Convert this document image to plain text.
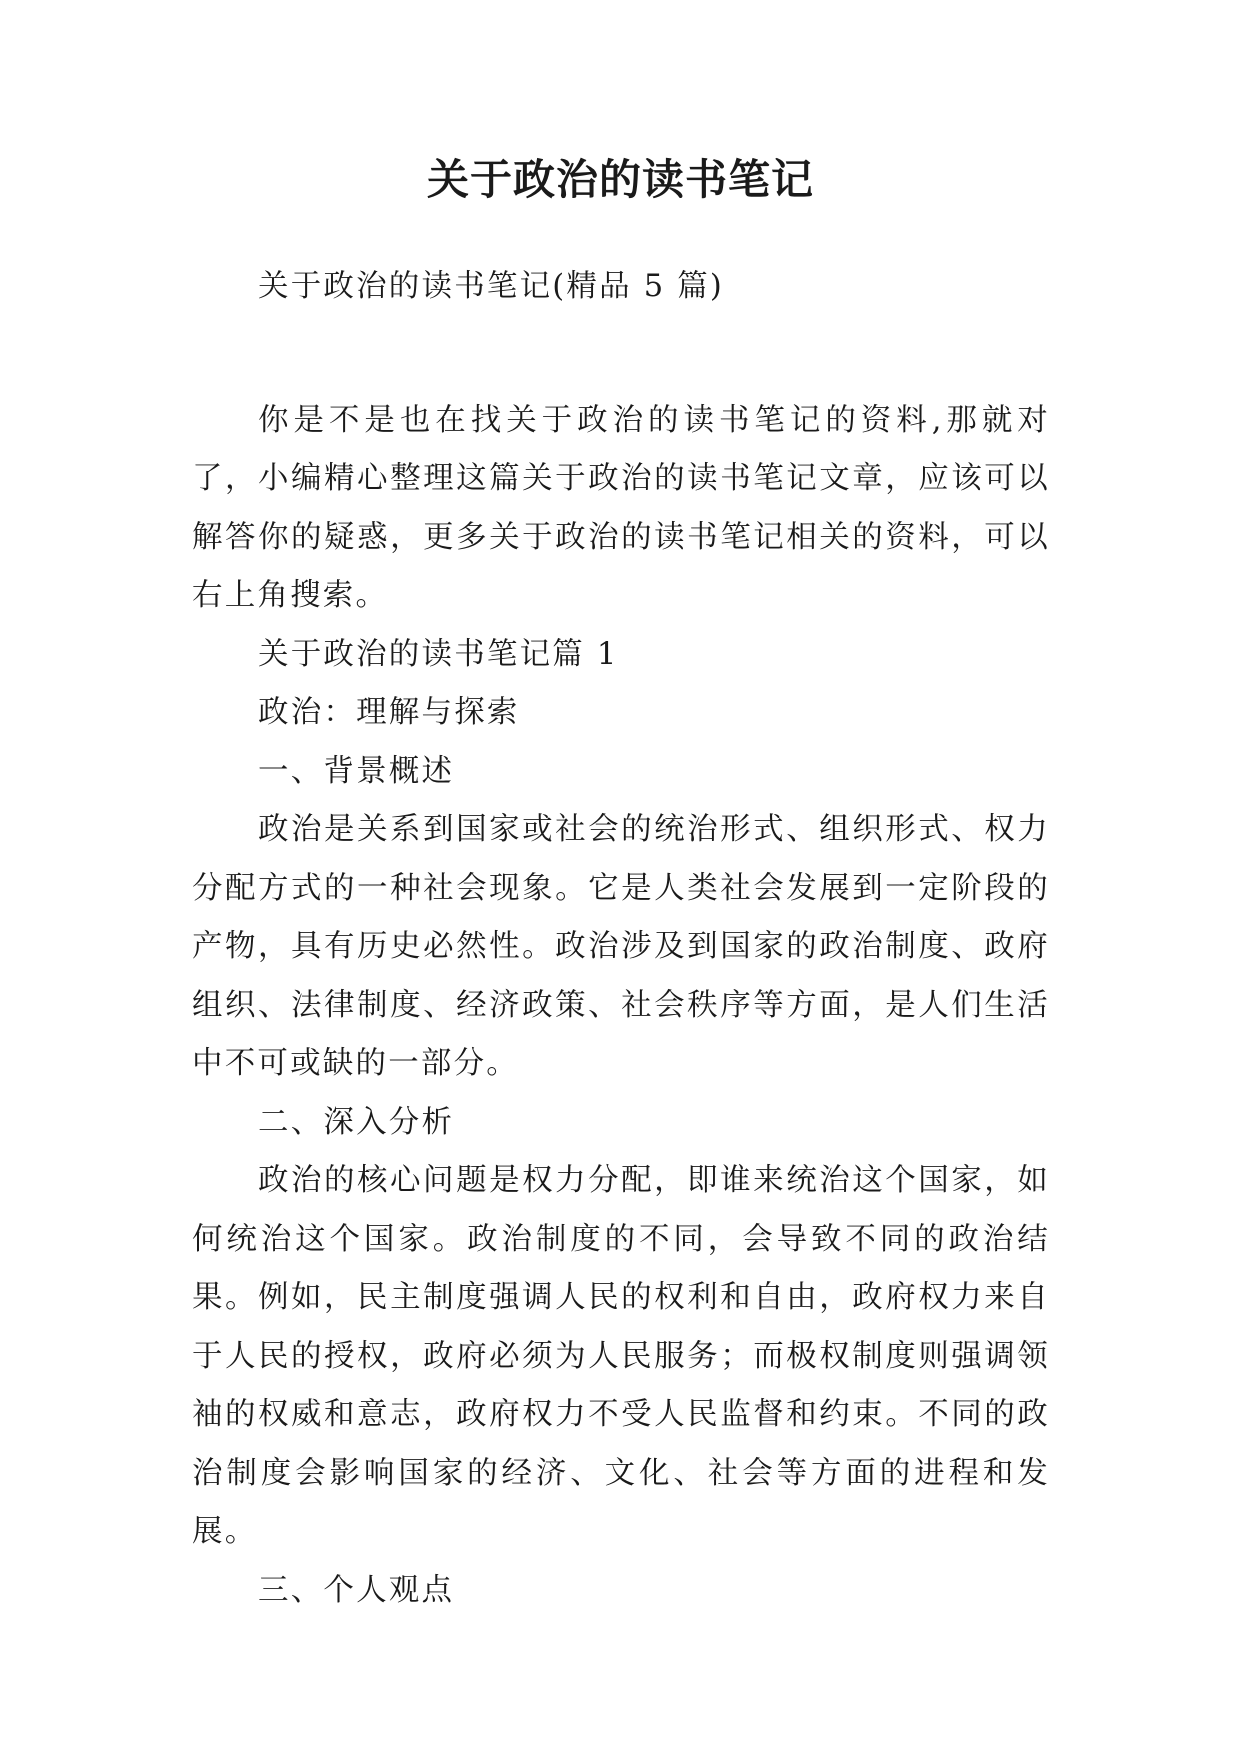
关于政治的读书笔记

关于政治的读书笔记(精品 5 篇)

你是不是也在找关于政治的读书笔记的资料,那就对了，小编精心整理这篇关于政治的读书笔记文章，应该可以解答你的疑惑，更多关于政治的读书笔记相关的资料，可以右上角搜索。

关于政治的读书笔记篇 1

政治：理解与探索

一、背景概述

政治是关系到国家或社会的统治形式、组织形式、权力分配方式的一种社会现象。它是人类社会发展到一定阶段的产物，具有历史必然性。政治涉及到国家的政治制度、政府组织、法律制度、经济政策、社会秩序等方面，是人们生活中不可或缺的一部分。

二、深入分析

政治的核心问题是权力分配，即谁来统治这个国家，如何统治这个国家。政治制度的不同，会导致不同的政治结果。例如，民主制度强调人民的权利和自由，政府权力来自于人民的授权，政府必须为人民服务；而极权制度则强调领袖的权威和意志，政府权力不受人民监督和约束。不同的政治制度会影响国家的经济、文化、社会等方面的进程和发展。

三、个人观点
